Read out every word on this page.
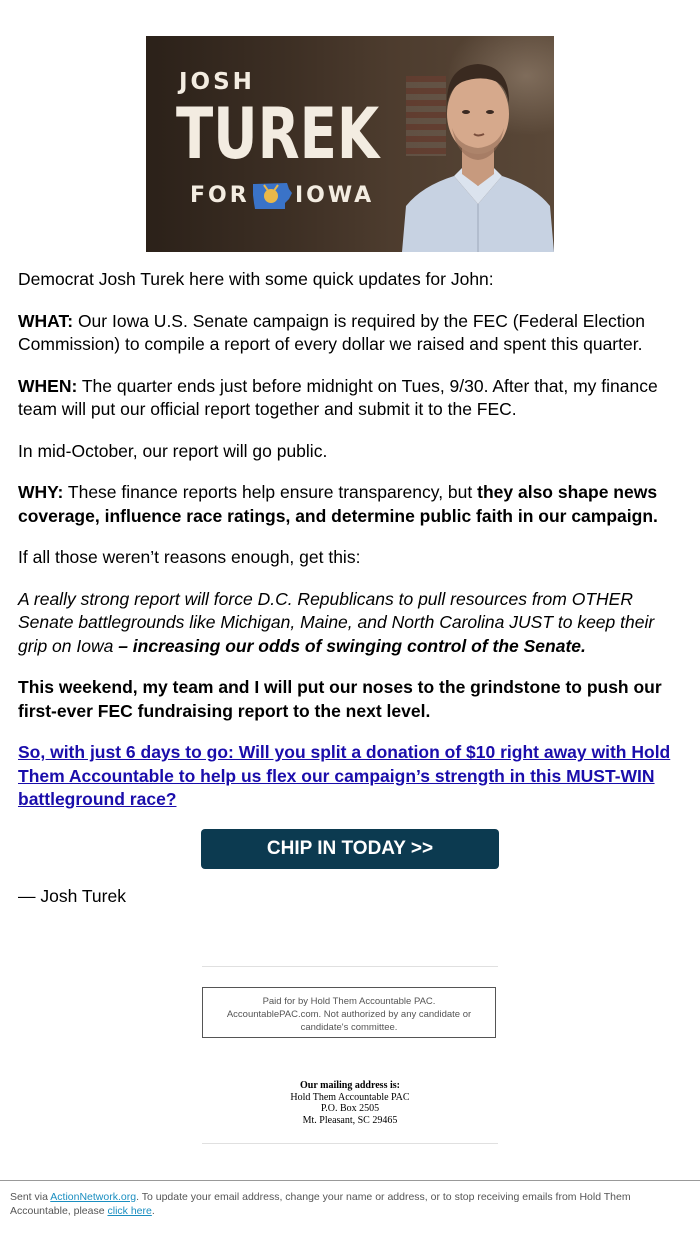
JOSH
TUREK
FOR IOWA

Democrat Josh Turek here with some quick updates for John:

WHAT: Our Iowa U.S. Senate campaign is required by the FEC (Federal Election Commission) to compile a report of every dollar we raised and spent this quarter.

WHEN: The quarter ends just before midnight on Tues, 9/30. After that, my finance team will put our official report together and submit it to the FEC.

In mid-October, our report will go public.

WHY: These finance reports help ensure transparency, but they also shape news coverage, influence race ratings, and determine public faith in our campaign.

If all those weren’t reasons enough, get this:

A really strong report will force D.C. Republicans to pull resources from OTHER Senate battlegrounds like Michigan, Maine, and North Carolina JUST to keep their grip on Iowa – increasing our odds of swinging control of the Senate.

This weekend, my team and I will put our noses to the grindstone to push our first-ever FEC fundraising report to the next level.

So, with just 6 days to go: Will you split a donation of $10 right away with Hold Them Accountable to help us flex our campaign’s strength in this MUST-WIN battleground race?

CHIP IN TODAY >>
— Josh Turek
Paid for by Hold Them Accountable PAC.
AccountablePAC.com. Not authorized by any candidate or
candidate's committee.
Our mailing address is:
Hold Them Accountable PAC
P.O. Box 2505
Mt. Pleasant, SC 29465
Sent via ActionNetwork.org. To update your email address, change your name or address, or to stop receiving emails from Hold Them Accountable, please click here.
